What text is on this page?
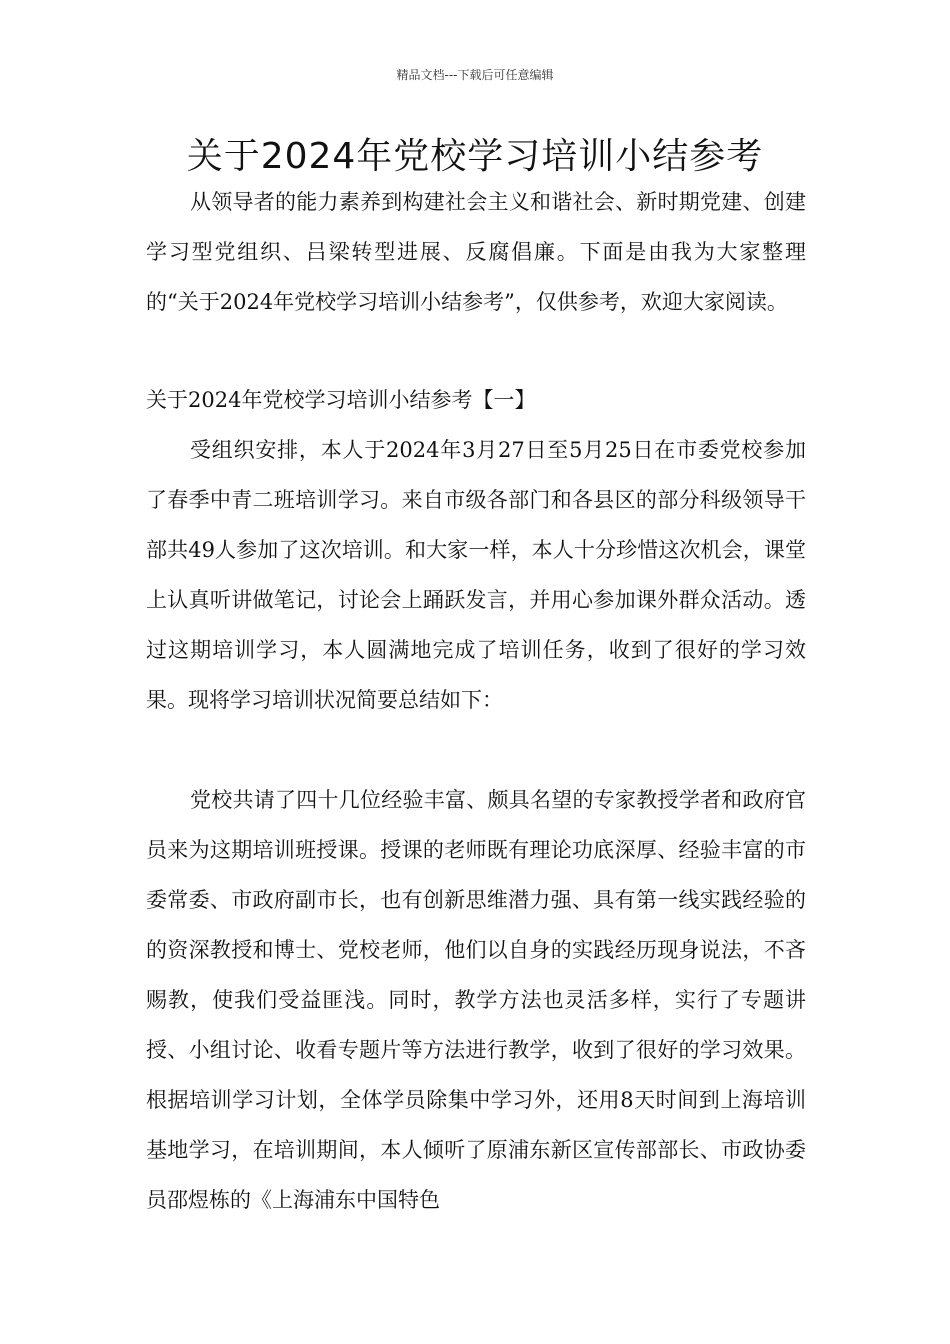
精品文档---下载后可任意编辑
关于2024年党校学习培训小结参考

从领导者的能力素养到构建社会主义和谐社会、新时期党建、创建学习型党组织、吕梁转型进展、反腐倡廉。下面是由我为大家整理的“关于2024年党校学习培训小结参考”，仅供参考，欢迎大家阅读。

关于2024年党校学习培训小结参考【一】

受组织安排，本人于2024年3月27日至5月25日在市委党校参加了春季中青二班培训学习。来自市级各部门和各县区的部分科级领导干部共49人参加了这次培训。和大家一样，本人十分珍惜这次机会，课堂上认真听讲做笔记，讨论会上踊跃发言，并用心参加课外群众活动。透过这期培训学习，本人圆满地完成了培训任务，收到了很好的学习效果。现将学习培训状况简要总结如下：

党校共请了四十几位经验丰富、颇具名望的专家教授学者和政府官员来为这期培训班授课。授课的老师既有理论功底深厚、经验丰富的市委常委、市政府副市长，也有创新思维潜力强、具有第一线实践经验的的资深教授和博士、党校老师，他们以自身的实践经历现身说法，不吝赐教，使我们受益匪浅。同时，教学方法也灵活多样，实行了专题讲授、小组讨论、收看专题片等方法进行教学，收到了很好的学习效果。根据培训学习计划，全体学员除集中学习外，还用8天时间到上海培训基地学习，在培训期间，本人倾听了原浦东新区宣传部部长、市政协委员邵煜栋的《上海浦东中国特色
